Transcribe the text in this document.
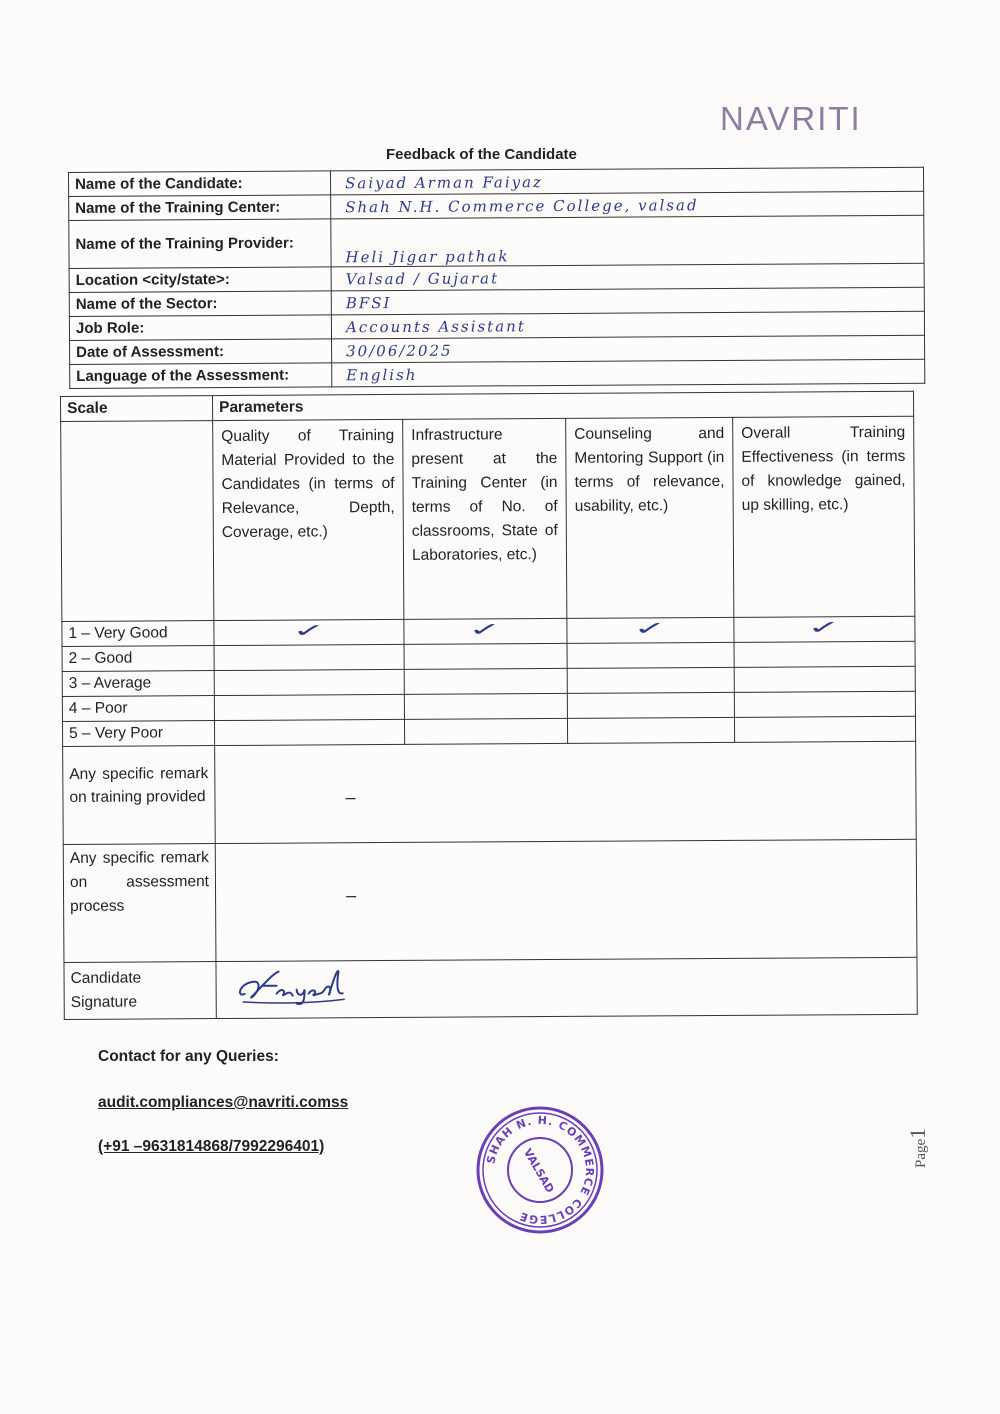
NAVRITI
Feedback of the Candidate
Name of the Candidate:	Saiyad Arman Faiyaz
Name of the Training Center:	Shah N.H. Commerce College, valsad
Name of the Training Provider:	Heli Jigar pathak
Location <city/state>:	Valsad / Gujarat
Name of the Sector:	BFSI
Job Role:	Accounts Assistant
Date of Assessment:	30/06/2025
Language of the Assessment:	English
Scale	Parameters			
	Quality of Training Material Provided to the Candidates (in terms of Relevance, Depth, Coverage, etc.)	Infrastructure present at the Training Center (in terms of No. of classrooms, State of Laboratories, etc.)	Counseling and Mentoring Support (in terms of relevance, usability, etc.)	Overall Training Effectiveness (in terms of knowledge gained, up skilling, etc.)
1 – Very Good	✓	✓	✓	✓
2 – Good				
3 – Average				
4 – Poor				
5 – Very Poor				
Any specific remark on training provided	–			
Any specific remark on assessment process	–			
Candidate Signature	
Contact for any Queries:
audit.compliances@navriti.comss
(+91 –9631814868/7992296401)
SHAH N. H. COMMERCE COLLEGE
VALSAD	Page1
